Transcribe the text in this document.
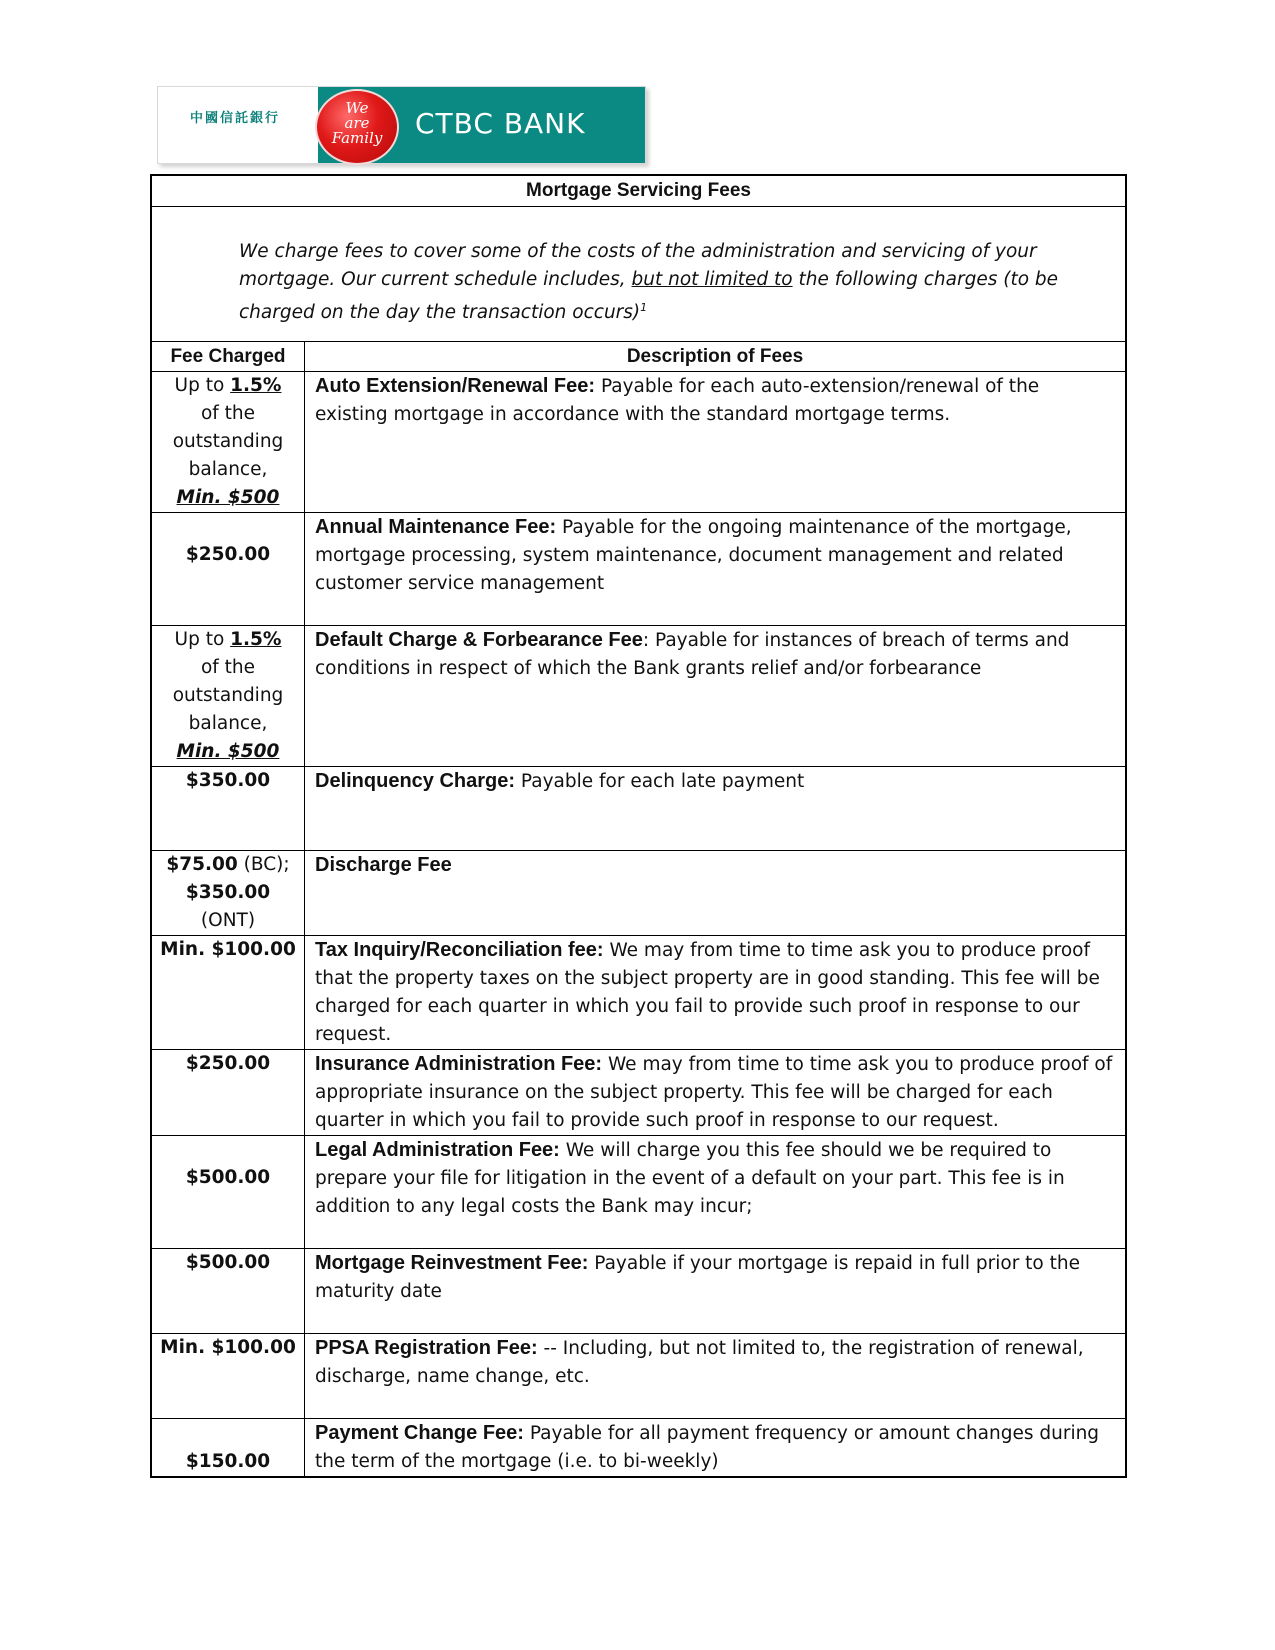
中國信託銀行
We
are
Family	CTBC BANK
Mortgage Servicing Fees	

We charge fees to cover some of the costs of the administration and servicing of your mortgage. Our current schedule includes, but not limited to the following charges (to be charged on the day the transaction occurs)$^1$

Fee Charged	Description of Fees

Up to 1.5%
of the
outstanding
balance,
Min. $500	Auto Extension/Renewal Fee: Payable for each auto-extension/renewal of the existing mortgage in accordance with the standard mortgage terms.
$250.00	Annual Maintenance Fee: Payable for the ongoing maintenance of the mortgage, mortgage processing, system maintenance, document management and related customer service management

Up to 1.5%
of the
outstanding
balance,
Min. $500	Default Charge & Forbearance Fee: Payable for instances of breach of terms and conditions in respect of which the Bank grants relief and/or forbearance
$350.00	Delinquency Charge: Payable for each late payment

$75.00 (BC);
$350.00
(ONT)	Discharge Fee
Min. $100.00	Tax Inquiry/Reconciliation fee: We may from time to time ask you to produce proof that the property taxes on the subject property are in good standing. This fee will be charged for each quarter in which you fail to provide such proof in response to our request.
$250.00	Insurance Administration Fee: We may from time to time ask you to produce proof of appropriate insurance on the subject property. This fee will be charged for each quarter in which you fail to provide such proof in response to our request.
$500.00	Legal Administration Fee: We will charge you this fee should we be required to prepare your file for litigation in the event of a default on your part. This fee is in addition to any legal costs the Bank may incur;
$500.00	Mortgage Reinvestment Fee: Payable if your mortgage is repaid in full prior to the maturity date
Min. $100.00	PPSA Registration Fee: -- Including, but not limited to, the registration of renewal, discharge, name change, etc.
$150.00	Payment Change Fee: Payable for all payment frequency or amount changes during the term of the mortgage (i.e. to bi-weekly)
